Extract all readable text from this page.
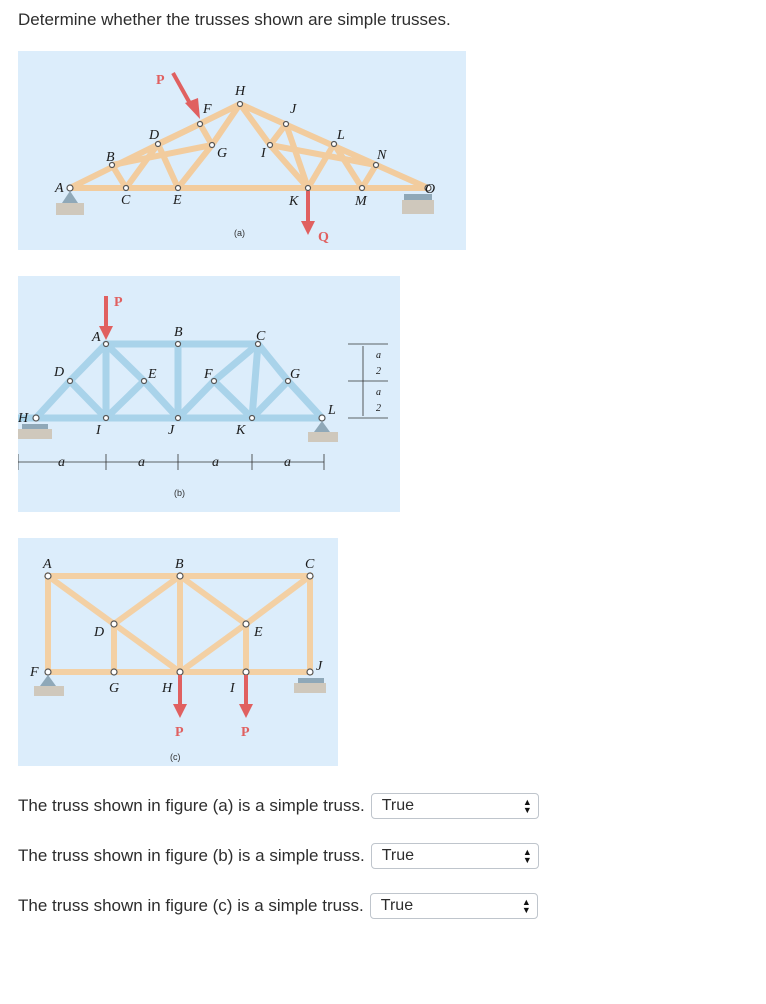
Determine whether the trusses shown are simple trusses.
P
Q
A
B
C
D
E
F
G
H
I
J
K
L
M
N
O
(a)
P
a	a	a	a
a
2
a
2
A	B	C
D	E	F	G
H
I	J	K
L
(b)
P	P
A	B	C
D	E
F
G	H	I
J
(c)
The truss shown in figure (a) is a simple truss. True	▲
▼
The truss shown in figure (b) is a simple truss. True	▲
▼
The truss shown in figure (c) is a simple truss. True	▲
▼
